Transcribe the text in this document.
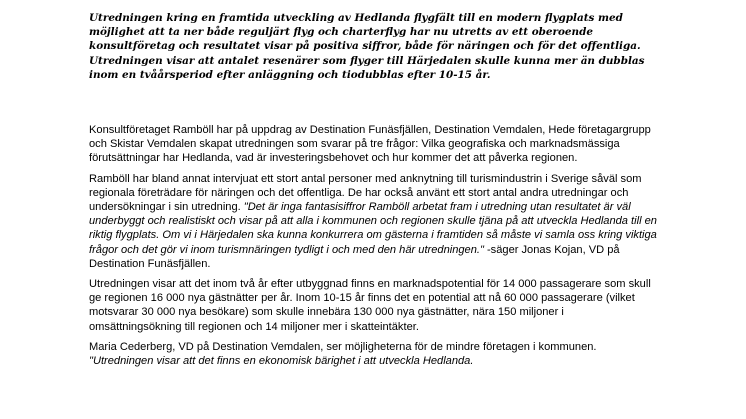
Utredningen kring en framtida utveckling av Hedlanda flygfält till en modern flygplats med möjlighet att ta ner både reguljärt flyg och charterflyg har nu utretts av ett oberoende konsultföretag och resultatet visar på positiva siffror, både för näringen och för det offentliga. Utredningen visar att antalet resenärer som flyger till Härjedalen skulle kunna mer än dubblas inom en tvåårsperiod efter anläggning och tiodubblas efter 10-15 år.

Konsultföretaget Ramböll har på uppdrag av Destination Funäsfjällen, Destination Vemdalen, Hede företagargrupp och Skistar Vemdalen skapat utredningen som svarar på tre frågor: Vilka geografiska och marknadsmässiga förutsättningar har Hedlanda, vad är investeringsbehovet och hur kommer det att påverka regionen.

Ramböll har bland annat intervjuat ett stort antal personer med anknytning till turismindustrin i Sverige såväl som regionala företrädare för näringen och det offentliga. De har också använt ett stort antal andra utredningar och undersökningar i sin utredning. "Det är inga fantasisiffror Ramböll arbetat fram i utredning utan resultatet är väl underbyggt och realistiskt och visar på att alla i kommunen och regionen skulle tjäna på att utveckla Hedlanda till en riktig flygplats. Om vi i Härjedalen ska kunna konkurrera om gästerna i framtiden så måste vi samla oss kring viktiga frågor och det gör vi inom turismnäringen tydligt i och med den här utredningen." -säger Jonas Kojan, VD på Destination Funäsfjällen.

Utredningen visar att det inom två år efter utbyggnad finns en marknadspotential för 14 000 passagerare som skull ge regionen 16 000 nya gästnätter per år. Inom 10-15 år finns det en potential att nå 60 000 passagerare (vilket motsvarar 30 000 nya besökare) som skulle innebära 130 000 nya gästnätter, nära 150 miljoner i omsättningsökning till regionen och 14 miljoner mer i skatteintäkter.

Maria Cederberg, VD på Destination Vemdalen, ser möjligheterna för de mindre företagen i kommunen. "Utredningen visar att det finns en ekonomisk bärighet i att utveckla Hedlanda.
